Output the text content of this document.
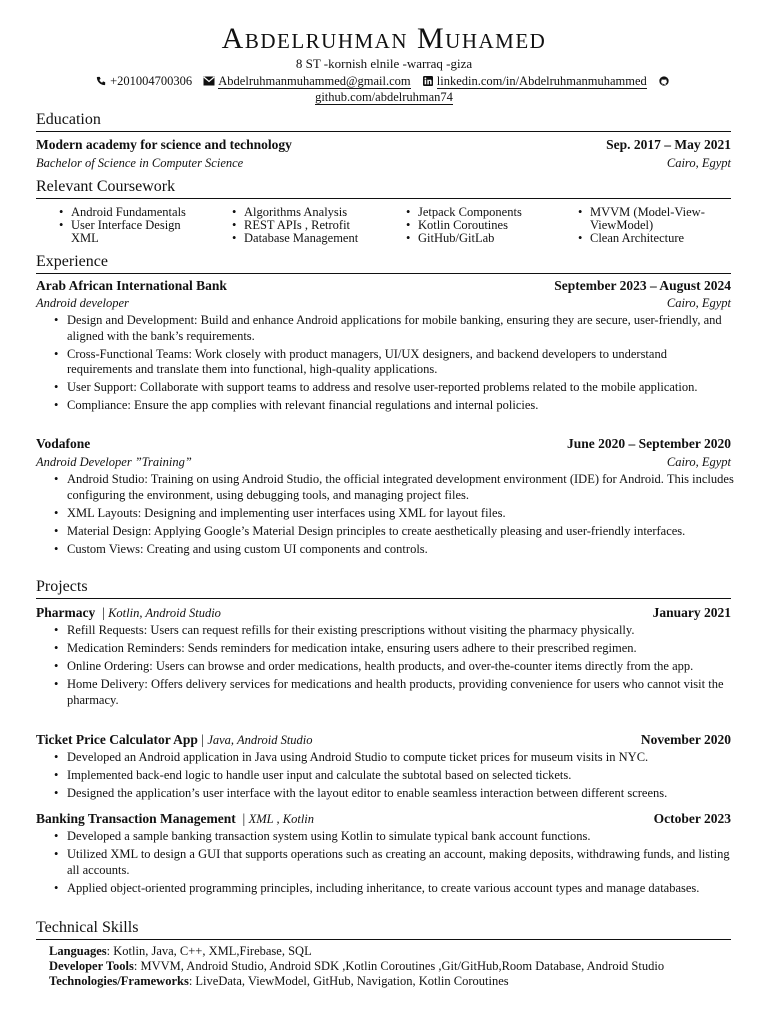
Abdelruhman Muhamed
8 ST -kornish elnile -warraq -giza
+201004700306 Abdelruhmanmuhammed@gmail.com linkedin.com/in/Abdelruhmanmuhammed
github.com/abdelruhman74
Education
Modern academy for science and technology	Sep. 2017 – May 2021
Bachelor of Science in Computer Science	Cairo, Egypt
Relevant Coursework
• Android Fundamentals
• User Interface Design XML
• Algorithms Analysis
• REST APIs , Retrofit
• Database Management
• Jetpack Components
• Kotlin Coroutines
• GitHub/GitLab
• MVVM (Model-View-ViewModel)
• Clean Architecture
Experience
Arab African International Bank	September 2023 – August 2024
Android developer	Cairo, Egypt
• Design and Development: Build and enhance Android applications for mobile banking, ensuring they are secure, user-friendly, and aligned with the bank’s requirements.
• Cross-Functional Teams: Work closely with product managers, UI/UX designers, and backend developers to understand requirements and translate them into functional, high-quality applications.
• User Support: Collaborate with support teams to address and resolve user-reported problems related to the mobile application.
• Compliance: Ensure the app complies with relevant financial regulations and internal policies.
Vodafone	June 2020 – September 2020
Android Developer ”Training”	Cairo, Egypt
• Android Studio: Training on using Android Studio, the official integrated development environment (IDE) for Android. This includes configuring the environment, using debugging tools, and managing project files.
• XML Layouts: Designing and implementing user interfaces using XML for layout files.
• Material Design: Applying Google’s Material Design principles to create aesthetically pleasing and user-friendly interfaces.
• Custom Views: Creating and using custom UI components and controls.
Projects
Pharmacy  | Kotlin, Android Studio	January 2021
• Refill Requests: Users can request refills for their existing prescriptions without visiting the pharmacy physically.
• Medication Reminders: Sends reminders for medication intake, ensuring users adhere to their prescribed regimen.
• Online Ordering: Users can browse and order medications, health products, and over-the-counter items directly from the app.
• Home Delivery: Offers delivery services for medications and health products, providing convenience for users who cannot visit the pharmacy.
Ticket Price Calculator App | Java, Android Studio	November 2020
• Developed an Android application in Java using Android Studio to compute ticket prices for museum visits in NYC.
• Implemented back-end logic to handle user input and calculate the subtotal based on selected tickets.
• Designed the application’s user interface with the layout editor to enable seamless interaction between different screens.
Banking Transaction Management  | XML , Kotlin	October 2023
• Developed a sample banking transaction system using Kotlin to simulate typical bank account functions.
• Utilized XML to design a GUI that supports operations such as creating an account, making deposits, withdrawing funds, and listing all accounts.
• Applied object-oriented programming principles, including inheritance, to create various account types and manage databases.
Technical Skills
Languages: Kotlin, Java, C++, XML,Firebase, SQL
Developer Tools: MVVM, Android Studio, Android SDK ,Kotlin Coroutines ,Git/GitHub,Room Database, Android Studio
Technologies/Frameworks: LiveData, ViewModel, GitHub, Navigation, Kotlin Coroutines
